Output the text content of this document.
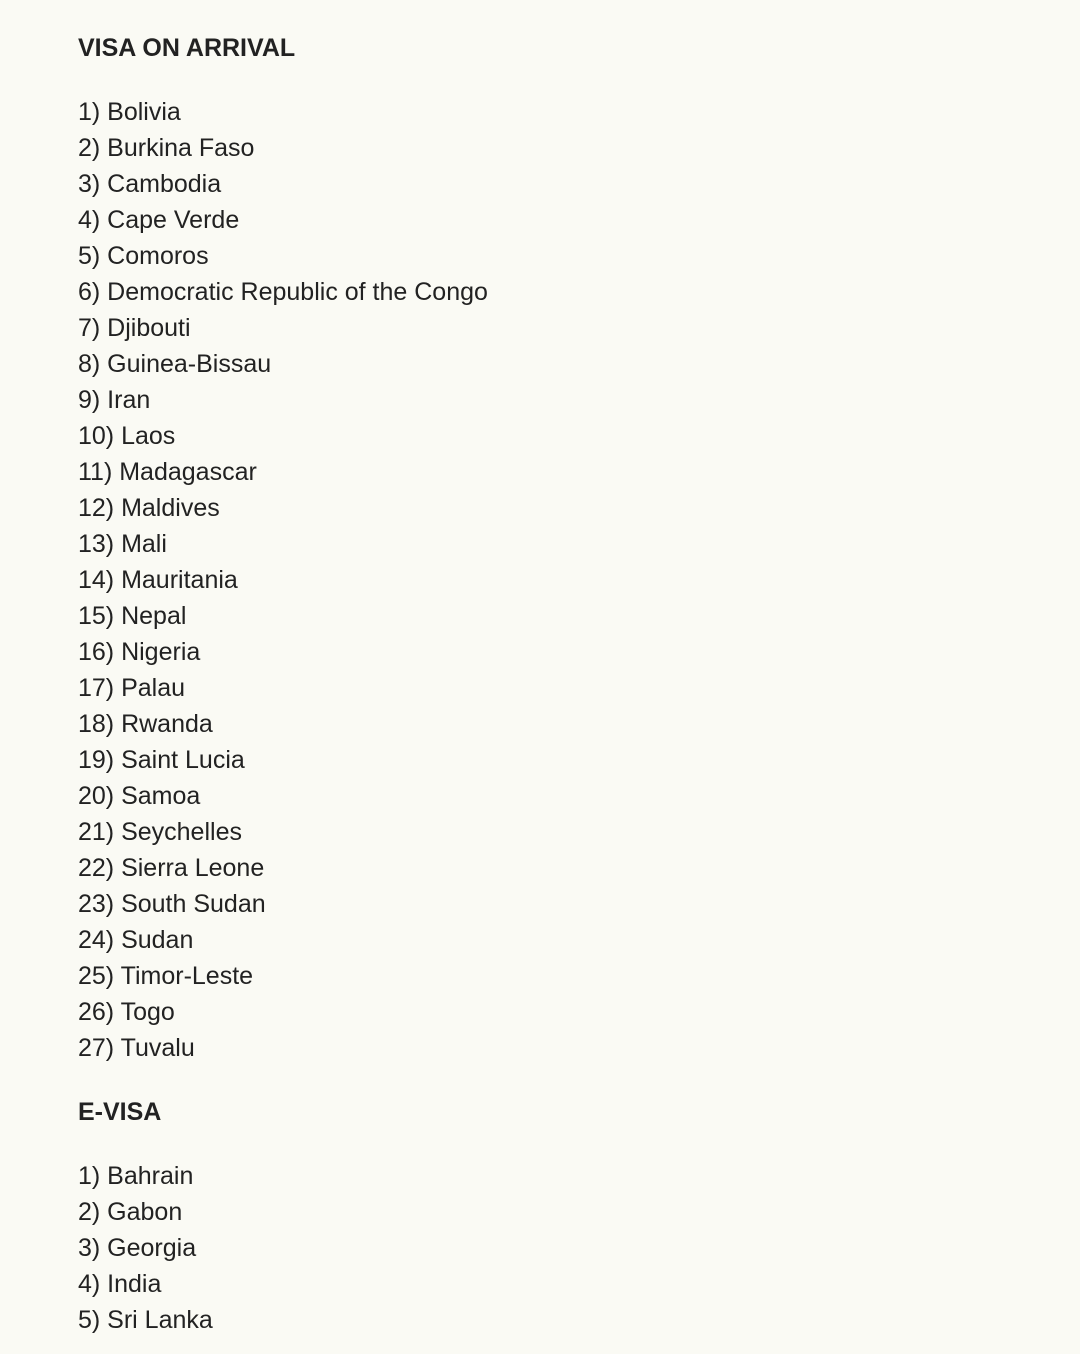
VISA ON ARRIVAL
1) Bolivia
2) Burkina Faso
3) Cambodia
4) Cape Verde
5) Comoros
6) Democratic Republic of the Congo
7) Djibouti
8) Guinea-Bissau
9) Iran
10) Laos
11) Madagascar
12) Maldives
13) Mali
14) Mauritania
15) Nepal
16) Nigeria
17) Palau
18) Rwanda
19) Saint Lucia
20) Samoa
21) Seychelles
22) Sierra Leone
23) South Sudan
24) Sudan
25) Timor-Leste
26) Togo
27) Tuvalu
E-VISA
1) Bahrain
2) Gabon
3) Georgia
4) India
5) Sri Lanka
